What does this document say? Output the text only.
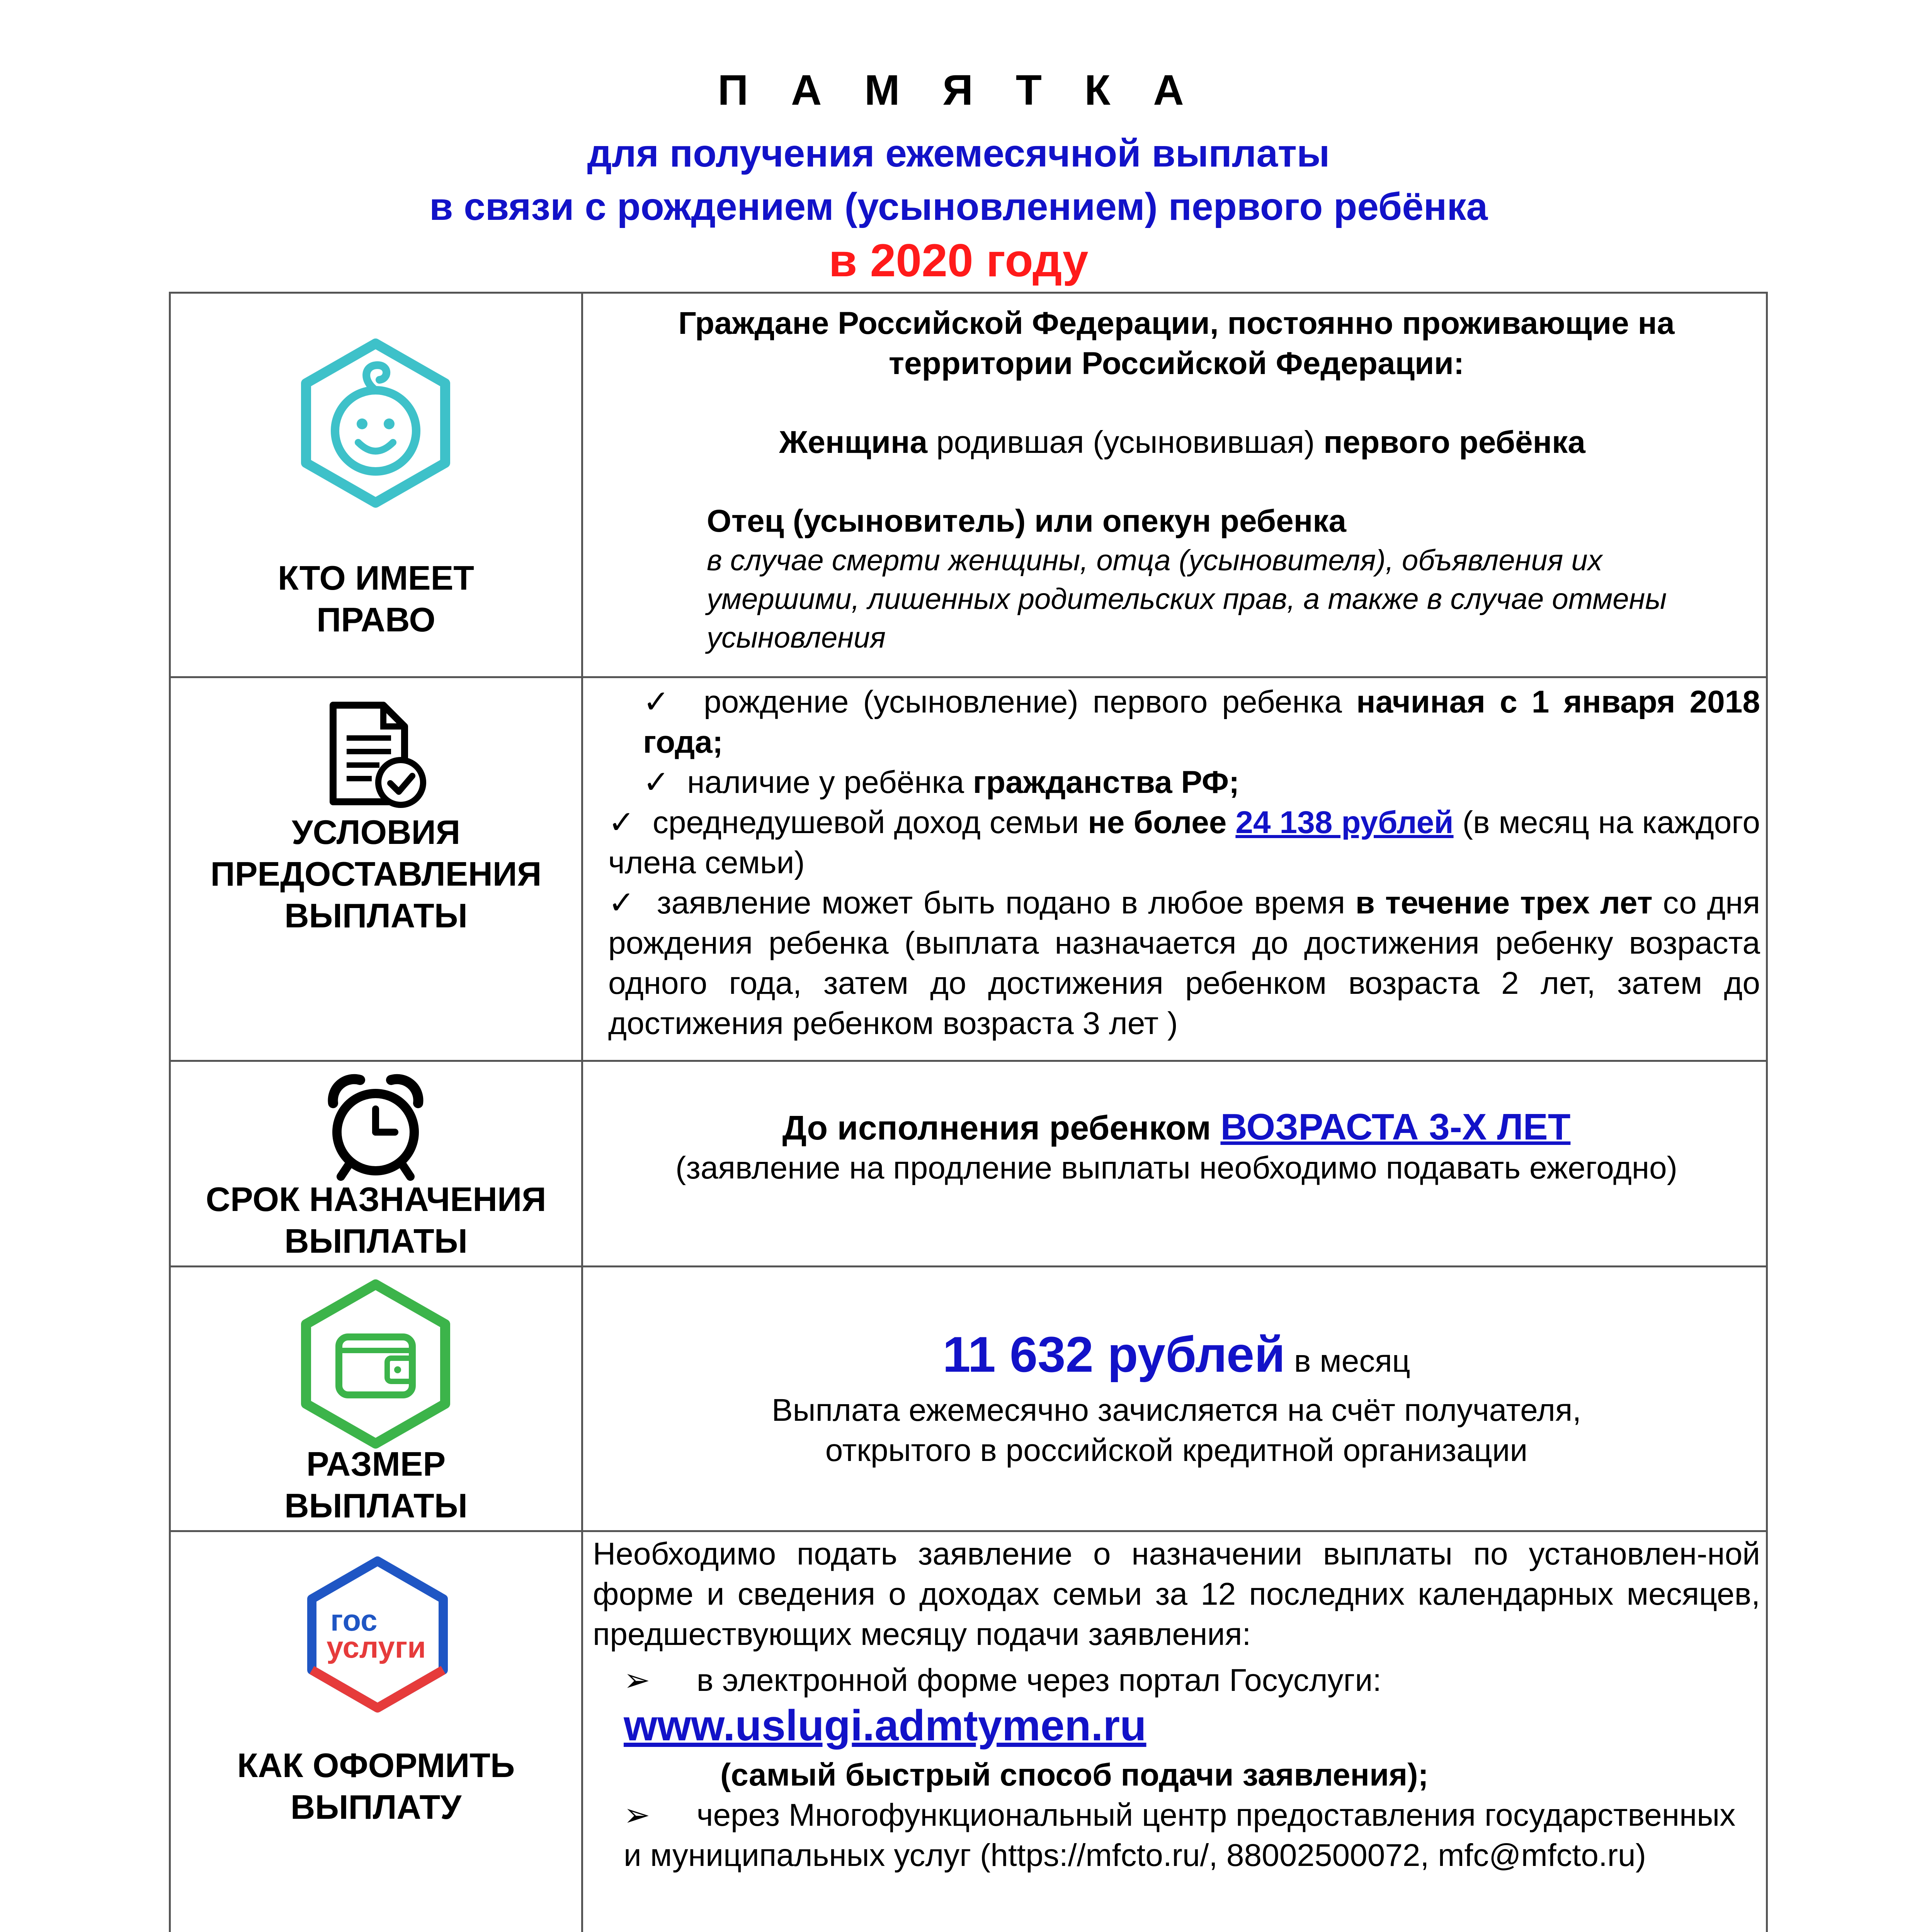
П А М Я Т К А
для получения ежемесячной выплаты
в связи с рождением (усыновлением) первого ребёнка
в 2020 году
КТО ИМЕЕТ
ПРАВО

Граждане Российской Федерации, постоянно проживающие на территории Российской Федерации:

Женщина родившая (усыновившая) первого ребёнка

Отец (усыновитель) или опекун ребенка

в случае смерти женщины, отца (усыновителя), объявления их умершими, лишенных родительских прав, а также в случае отмены усыновления

УСЛОВИЯ
ПРЕДОСТАВЛЕНИЯ
ВЫПЛАТЫ

✓ рождение (усыновление) первого ребенка начиная с 1 января 2018 года;

✓ наличие у ребёнка гражданства РФ;

✓ среднедушевой доход семьи не более 24 138 рублей (в месяц на каждого члена семьи)

✓ заявление может быть подано в любое время в течение трех лет со дня рождения ребенка (выплата назначается до достижения ребенку возраста одного года, затем до достижения ребенком возраста 2 лет, затем до достижения ребенком возраста 3 лет )

СРОК НАЗНАЧЕНИЯ
ВЫПЛАТЫ

До исполнения ребенком ВОЗРАСТА 3-Х ЛЕТ

(заявление на продление выплаты необходимо подавать ежегодно)

РАЗМЕР
ВЫПЛАТЫ

11 632 рублей в месяц

Выплата ежемесячно зачисляется на счёт получателя,

открытого в российской кредитной организации

гос
услуги
КАК ОФОРМИТЬ
ВЫПЛАТУ

Необходимо подать заявление о назначении выплаты по установлен-ной форме и сведения о доходах семьи за 12 последних календарных месяцев, предшествующих месяцу подачи заявления:

➢ в электронной форме через портал Госуслуги:

www.uslugi.admtymen.ru

(самый быстрый способ подачи заявления);

➢ через Многофункциональный центр предоставления государственных и муниципальных услуг (https://mfcto.ru/, 88002500072, mfc@mfcto.ru)
